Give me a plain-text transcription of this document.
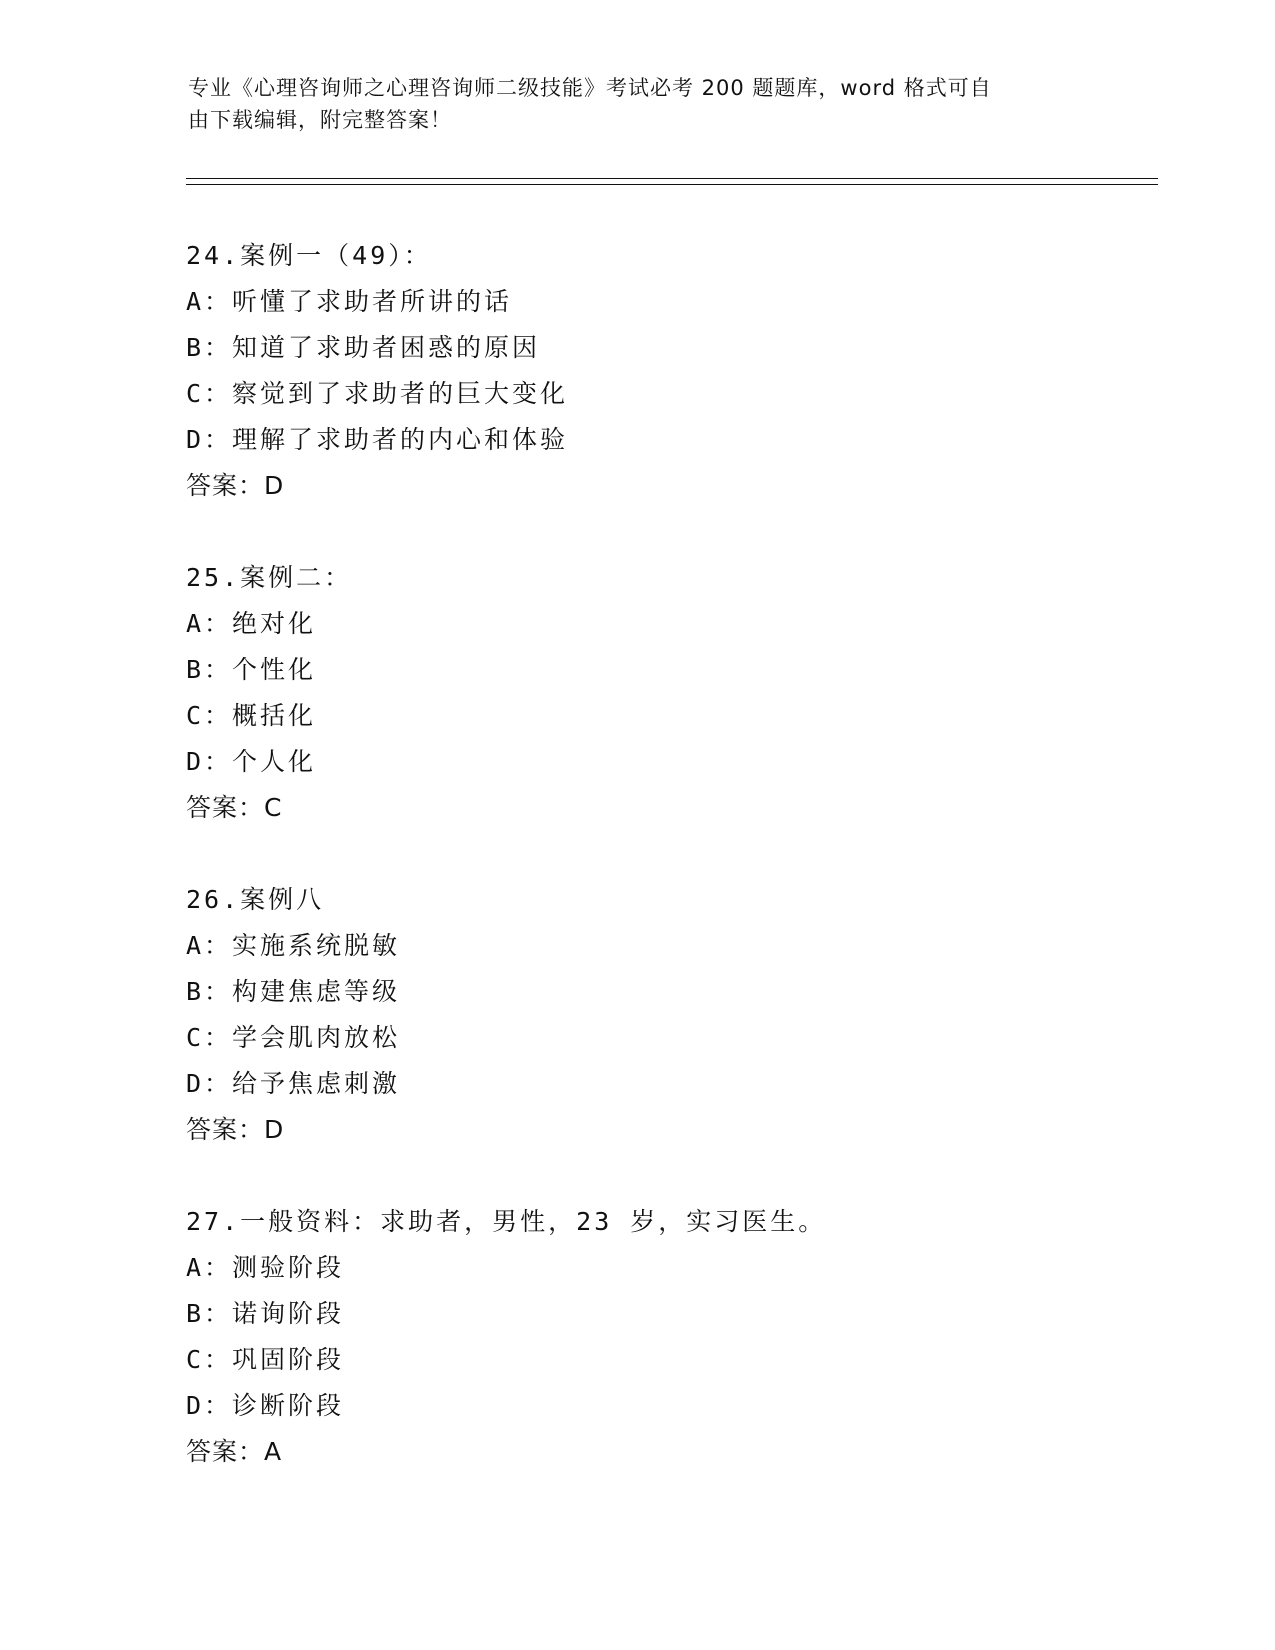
专业《心理咨询师之心理咨询师二级技能》考试必考 200 题题库，word 格式可自
由下载编辑，附完整答案！
24.案例一（49）：
A：听懂了求助者所讲的话
B：知道了求助者困惑的原因
C：察觉到了求助者的巨大变化
D：理解了求助者的内心和体验
答案：D
25.案例二：
A：绝对化
B：个性化
C：概括化
D：个人化
答案：C
26.案例八
A：实施系统脱敏
B：构建焦虑等级
C：学会肌肉放松
D：给予焦虑刺激
答案：D
27.一般资料：求助者，男性，23 岁，实习医生。
A：测验阶段
B：诺询阶段
C：巩固阶段
D：诊断阶段
答案：A
